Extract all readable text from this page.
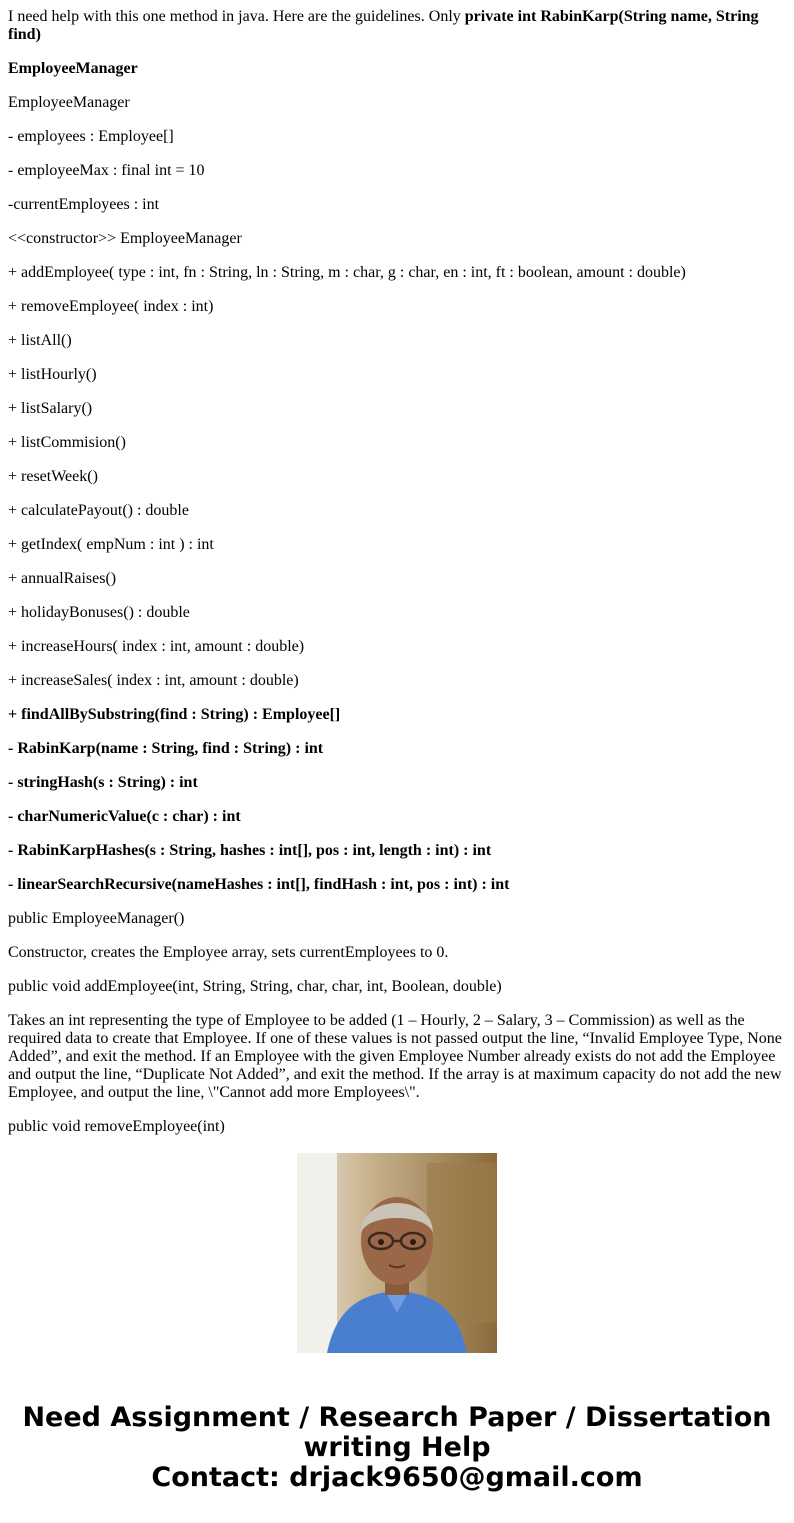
I need help with this one method in java. Here are the guidelines. Only private int RabinKarp(String name, String find)

EmployeeManager

EmployeeManager

- employees : Employee[]

- employeeMax : final int = 10

-currentEmployees : int

<<constructor>> EmployeeManager

+ addEmployee( type : int, fn : String, ln : String, m : char, g : char, en : int, ft : boolean, amount : double)

+ removeEmployee( index : int)

+ listAll()

+ listHourly()

+ listSalary()

+ listCommision()

+ resetWeek()

+ calculatePayout() : double

+ getIndex( empNum : int ) : int

+ annualRaises()

+ holidayBonuses() : double

+ increaseHours( index : int, amount : double)

+ increaseSales( index : int, amount : double)

+ findAllBySubstring(find : String) : Employee[]

- RabinKarp(name : String, find : String) : int

- stringHash(s : String) : int

- charNumericValue(c : char) : int

- RabinKarpHashes(s : String, hashes : int[], pos : int, length : int) : int

- linearSearchRecursive(nameHashes : int[], findHash : int, pos : int) : int

public EmployeeManager()

Constructor, creates the Employee array, sets currentEmployees to 0.

public void addEmployee(int, String, String, char, char, int, Boolean, double)

Takes an int representing the type of Employee to be added (1 – Hourly, 2 – Salary, 3 – Commission) as well as the required data to create that Employee. If one of these values is not passed output the line, “Invalid Employee Type, None Added”, and exit the method. If an Employee with the given Employee Number already exists do not add the Employee and output the line, “Duplicate Not Added”, and exit the method. If the array is at maximum capacity do not add the new Employee, and output the line, \"Cannot add more Employees\".

public void removeEmployee(int)

Need Assignment / Research Paper / Dissertation
writing Help
Contact: drjack9650@gmail.com
